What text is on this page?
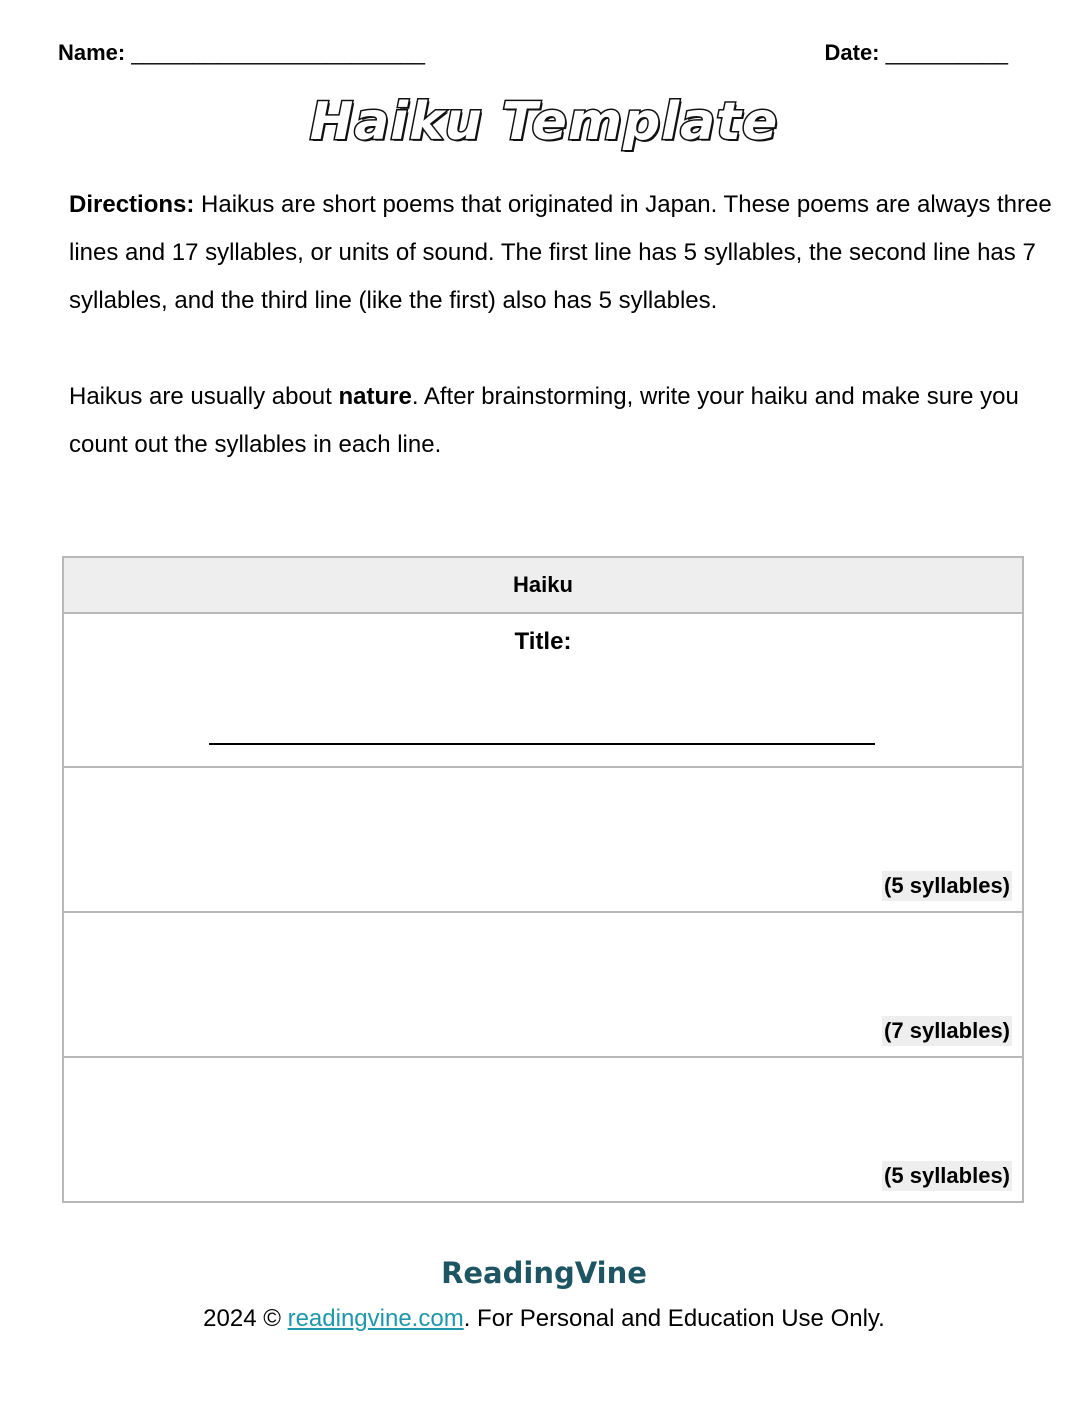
Name: ________________________	Date: __________
Haiku Template

Directions: Haikus are short poems that originated in Japan. These poems are always three lines and 17 syllables, or units of sound. The first line has 5 syllables, the second line has 7 syllables, and the third line (like the first) also has 5 syllables.

Haikus are usually about nature. After brainstorming, write your haiku and make sure you count out the syllables in each line.

Haiku
Title:
(5 syllables)
(7 syllables)
(5 syllables)
ReadingVine
2024 © readingvine.com. For Personal and Education Use Only.
